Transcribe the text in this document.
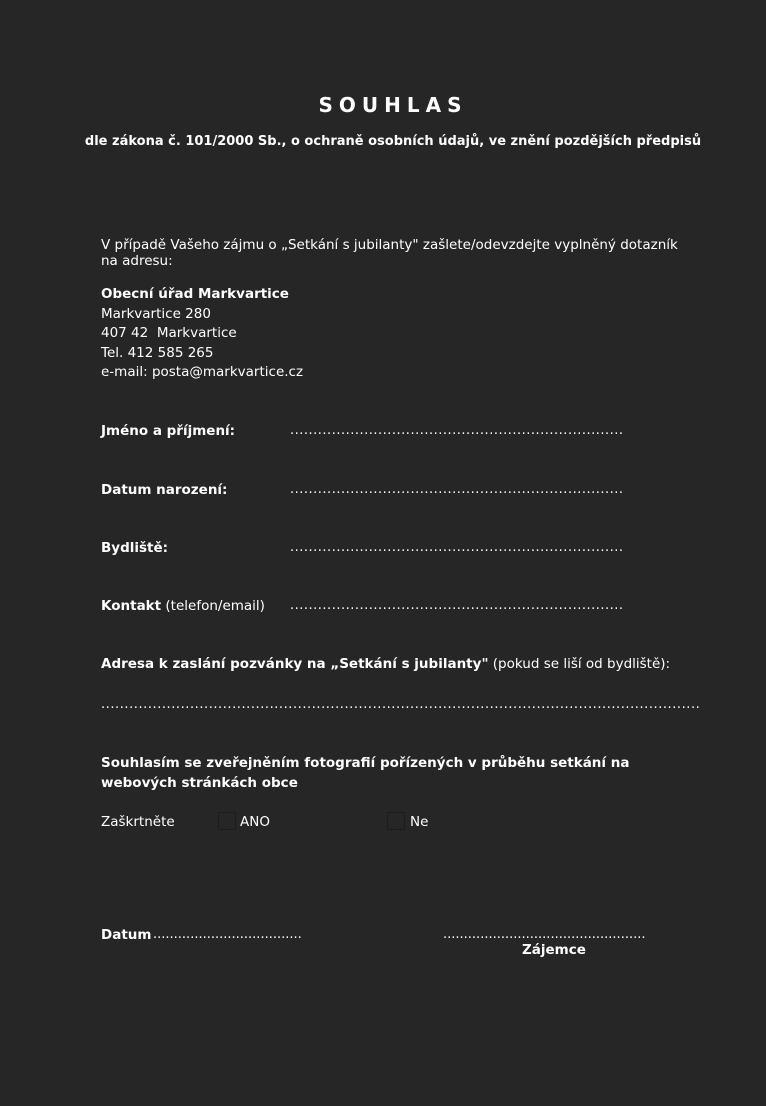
SOUHLAS
dle zákona č. 101/2000 Sb., o ochraně osobních údajů, ve znění pozdějších předpisů
V případě Vašeho zájmu o „Setkání s jubilanty" zašlete/odevzdejte vyplněný dotazník na adresu:
Obecní úřad Markvartice
Markvartice 280
407 42  Markvartice
Tel. 412 585 265
e-mail: posta@markvartice.cz
Jméno a příjmení:	........................................................................
Datum narození:	........................................................................
Bydliště:	........................................................................
Kontakt (telefon/email) ........................................................................
Adresa k zaslání pozvánky na „Setkání s jubilanty" (pokud se liší od bydliště):
................................................................................................................................
Souhlasím se zveřejněním fotografií pořízených v průběhu setkání na webových stránkách obce
Zaškrtněte	ANO	Ne
Datum ....................................	.................................................
Zájemce
